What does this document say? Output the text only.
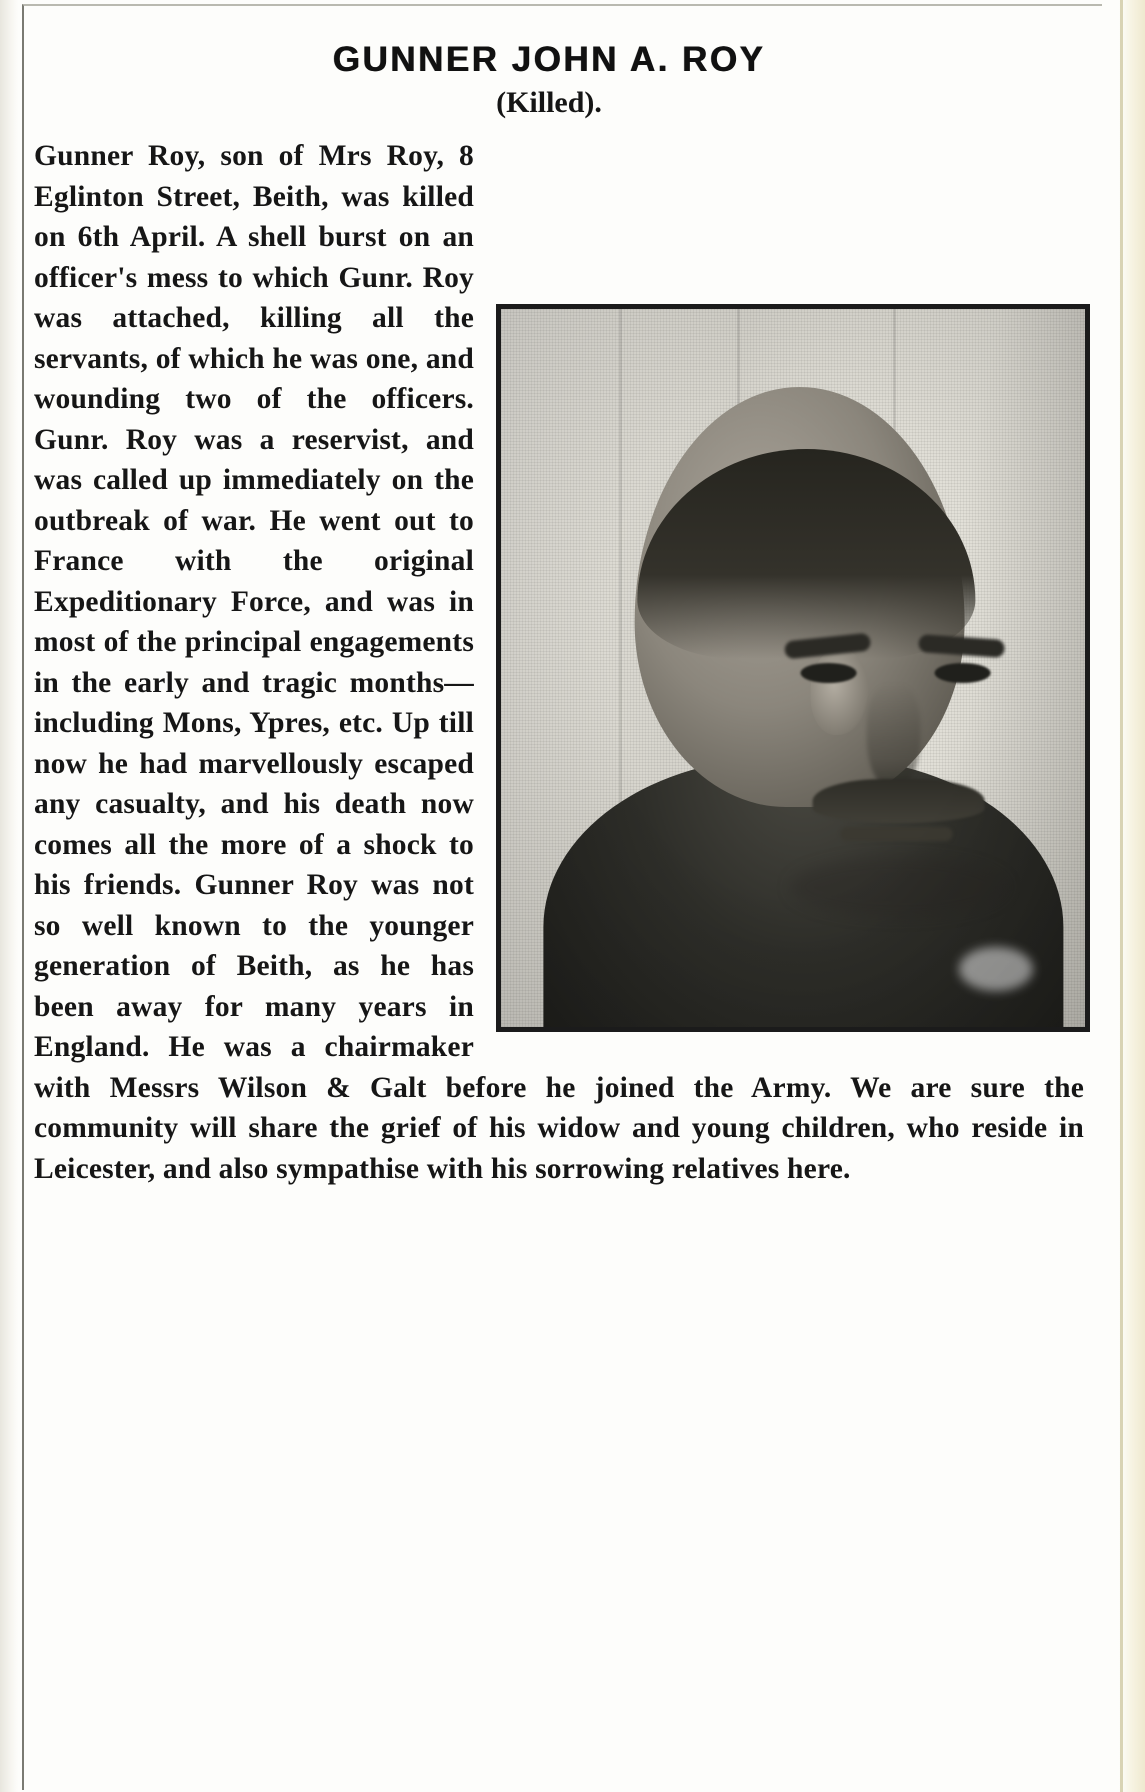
GUNNER JOHN A. ROY
(Killed).

Gunner Roy, son of Mrs Roy, 8 Eglinton Street, Beith, was killed on 6th April. A shell burst on an officer's mess to which Gunr. Roy was attached, killing all the servants, of which he was one, and wounding two of the officers. Gunr. Roy was a reservist, and was called up immediately on the outbreak of war. He went out to France with the original Expeditionary Force, and was in most of the principal engagements in the early and tragic months—including Mons, Ypres, etc. Up till now he had marvellously escaped any casualty, and his death now comes all the more of a shock to his friends. Gunner Roy was not so well known to the younger generation of Beith, as he has been away for many years in England. He was a chairmaker with Messrs Wilson & Galt before he joined the Army. We are sure the community will share the grief of his widow and young children, who reside in Leicester, and also sympathise with his sorrowing relatives here.
